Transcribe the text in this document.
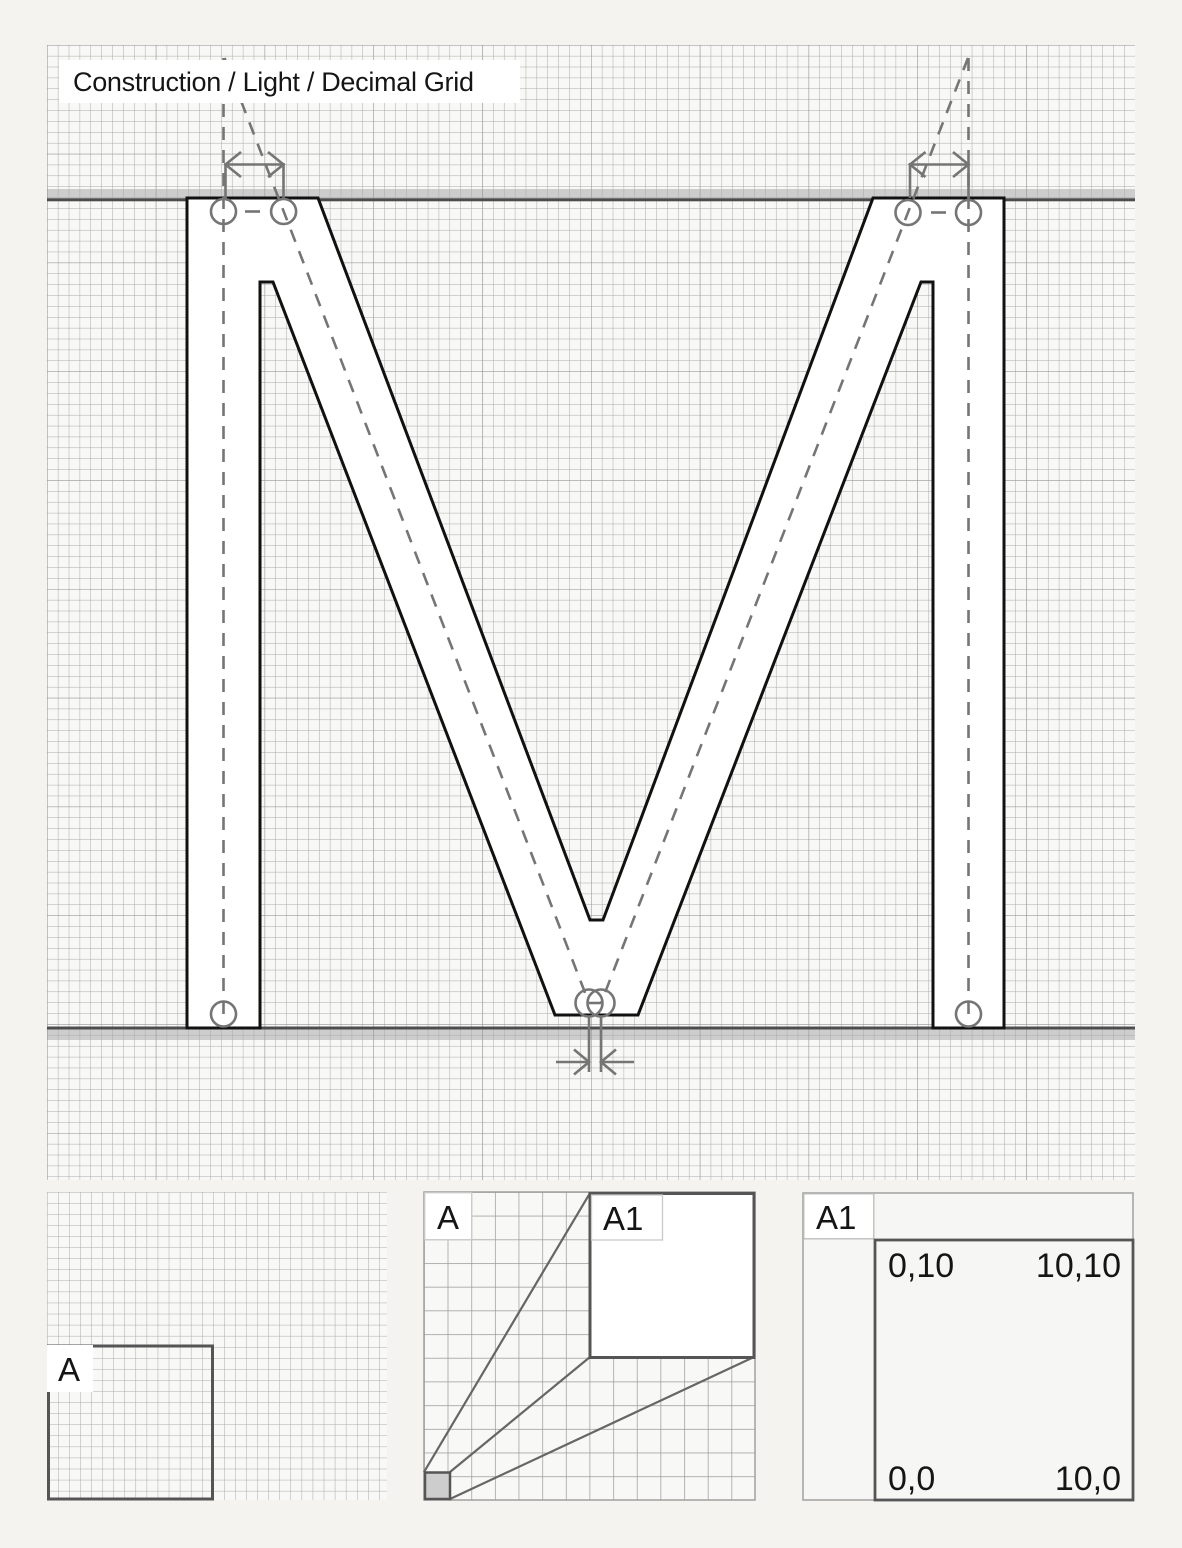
Construction / Light / Decimal Grid
A
A	A1	A1
0,10 10,10
0,0	10,0
